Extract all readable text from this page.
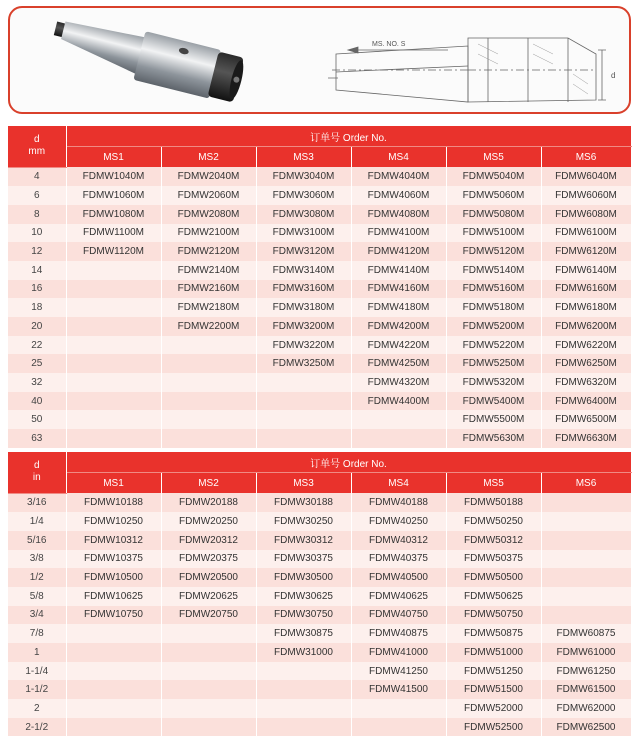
MS. NO. S
d
d
mm	订单号 Order No.					
	MS1	MS2	MS3	MS4	MS5	MS6
4	FDMW1040M	FDMW2040M	FDMW3040M	FDMW4040M	FDMW5040M	FDMW6040M
6	FDMW1060M	FDMW2060M	FDMW3060M	FDMW4060M	FDMW5060M	FDMW6060M
8	FDMW1080M	FDMW2080M	FDMW3080M	FDMW4080M	FDMW5080M	FDMW6080M
10	FDMW1100M	FDMW2100M	FDMW3100M	FDMW4100M	FDMW5100M	FDMW6100M
12	FDMW1120M	FDMW2120M	FDMW3120M	FDMW4120M	FDMW5120M	FDMW6120M
14		FDMW2140M	FDMW3140M	FDMW4140M	FDMW5140M	FDMW6140M
16		FDMW2160M	FDMW3160M	FDMW4160M	FDMW5160M	FDMW6160M
18		FDMW2180M	FDMW3180M	FDMW4180M	FDMW5180M	FDMW6180M
20		FDMW2200M	FDMW3200M	FDMW4200M	FDMW5200M	FDMW6200M
22			FDMW3220M	FDMW4220M	FDMW5220M	FDMW6220M
25			FDMW3250M	FDMW4250M	FDMW5250M	FDMW6250M
32				FDMW4320M	FDMW5320M	FDMW6320M
40				FDMW4400M	FDMW5400M	FDMW6400M
50					FDMW5500M	FDMW6500M
63					FDMW5630M	FDMW6630M
d
in	订单号 Order No.					
	MS1	MS2	MS3	MS4	MS5	MS6
3/16	FDMW10188	FDMW20188	FDMW30188	FDMW40188	FDMW50188	
1/4	FDMW10250	FDMW20250	FDMW30250	FDMW40250	FDMW50250	
5/16	FDMW10312	FDMW20312	FDMW30312	FDMW40312	FDMW50312	
3/8	FDMW10375	FDMW20375	FDMW30375	FDMW40375	FDMW50375	
1/2	FDMW10500	FDMW20500	FDMW30500	FDMW40500	FDMW50500	
5/8	FDMW10625	FDMW20625	FDMW30625	FDMW40625	FDMW50625	
3/4	FDMW10750	FDMW20750	FDMW30750	FDMW40750	FDMW50750	
7/8			FDMW30875	FDMW40875	FDMW50875	FDMW60875
1			FDMW31000	FDMW41000	FDMW51000	FDMW61000
1-1/4				FDMW41250	FDMW51250	FDMW61250
1-1/2				FDMW41500	FDMW51500	FDMW61500
2					FDMW52000	FDMW62000
2-1/2					FDMW52500	FDMW62500
